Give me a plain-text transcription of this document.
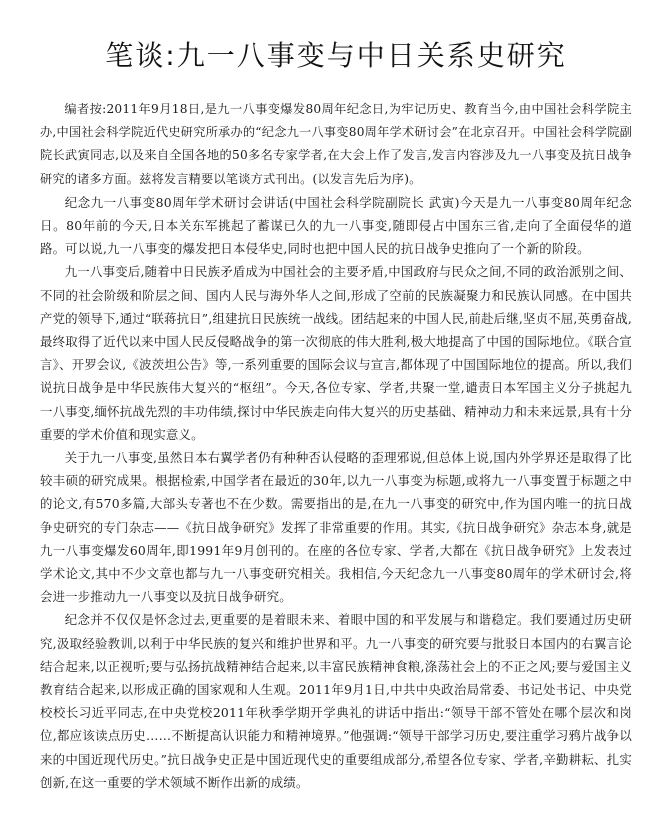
笔谈:九一八事变与中日关系史研究

编者按:2011年9月18日,是九一八事变爆发80周年纪念日,为牢记历史、教育当今,由中国社会科学院主办,中国社会科学院近代史研究所承办的“纪念九一八事变80周年学术研讨会”在北京召开。中国社会科学院副院长武寅同志,以及来自全国各地的50多名专家学者,在大会上作了发言,发言内容涉及九一八事变及抗日战争研究的诸多方面。兹将发言精要以笔谈方式刊出。(以发言先后为序)。

纪念九一八事变80周年学术研讨会讲话(中国社会科学院副院长 武寅)今天是九一八事变80周年纪念日。80年前的今天,日本关东军挑起了蓄谋已久的九一八事变,随即侵占中国东三省,走向了全面侵华的道路。可以说,九一八事变的爆发把日本侵华史,同时也把中国人民的抗日战争史推向了一个新的阶段。

九一八事变后,随着中日民族矛盾成为中国社会的主要矛盾,中国政府与民众之间,不同的政治派别之间、不同的社会阶级和阶层之间、国内人民与海外华人之间,形成了空前的民族凝聚力和民族认同感。在中国共产党的领导下,通过“联蒋抗日”,组建抗日民族统一战线。团结起来的中国人民,前赴后继,坚贞不屈,英勇奋战,最终取得了近代以来中国人民反侵略战争的第一次彻底的伟大胜利,极大地提高了中国的国际地位。《联合宣言》、开罗会议,《波茨坦公告》等,一系列重要的国际会议与宣言,都体现了中国国际地位的提高。所以,我们说抗日战争是中华民族伟大复兴的“枢纽”。今天,各位专家、学者,共聚一堂,谴责日本军国主义分子挑起九一八事变,缅怀抗战先烈的丰功伟绩,探讨中华民族走向伟大复兴的历史基础、精神动力和未来远景,具有十分重要的学术价值和现实意义。

关于九一八事变,虽然日本右翼学者仍有种种否认侵略的歪理邪说,但总体上说,国内外学界还是取得了比较丰硕的研究成果。根据检索,中国学者在最近的30年,以九一八事变为标题,或将九一八事变置于标题之中的论文,有570多篇,大部头专著也不在少数。需要指出的是,在九一八事变的研究中,作为国内唯一的抗日战争史研究的专门杂志——《抗日战争研究》发挥了非常重要的作用。其实,《抗日战争研究》杂志本身,就是九一八事变爆发60周年,即1991年9月创刊的。在座的各位专家、学者,大都在《抗日战争研究》上发表过学术论文,其中不少文章也都与九一八事变研究相关。我相信,今天纪念九一八事变80周年的学术研讨会,将会进一步推动九一八事变以及抗日战争研究。

纪念并不仅仅是怀念过去,更重要的是着眼未来、着眼中国的和平发展与和谐稳定。我们要通过历史研究,汲取经验教训,以利于中华民族的复兴和维护世界和平。九一八事变的研究要与批驳日本国内的右翼言论结合起来,以正视听;要与弘扬抗战精神结合起来,以丰富民族精神食粮,涤荡社会上的不正之风;要与爱国主义教育结合起来,以形成正确的国家观和人生观。2011年9月1日,中共中央政治局常委、书记处书记、中央党校校长习近平同志,在中央党校2011年秋季学期开学典礼的讲话中指出:“领导干部不管处在哪个层次和岗位,都应该读点历史……不断提高认识能力和精神境界。”他强调:“领导干部学习历史,要注重学习鸦片战争以来的中国近现代历史。”抗日战争史正是中国近现代史的重要组成部分,希望各位专家、学者,辛勤耕耘、扎实创新,在这一重要的学术领域不断作出新的成绩。
